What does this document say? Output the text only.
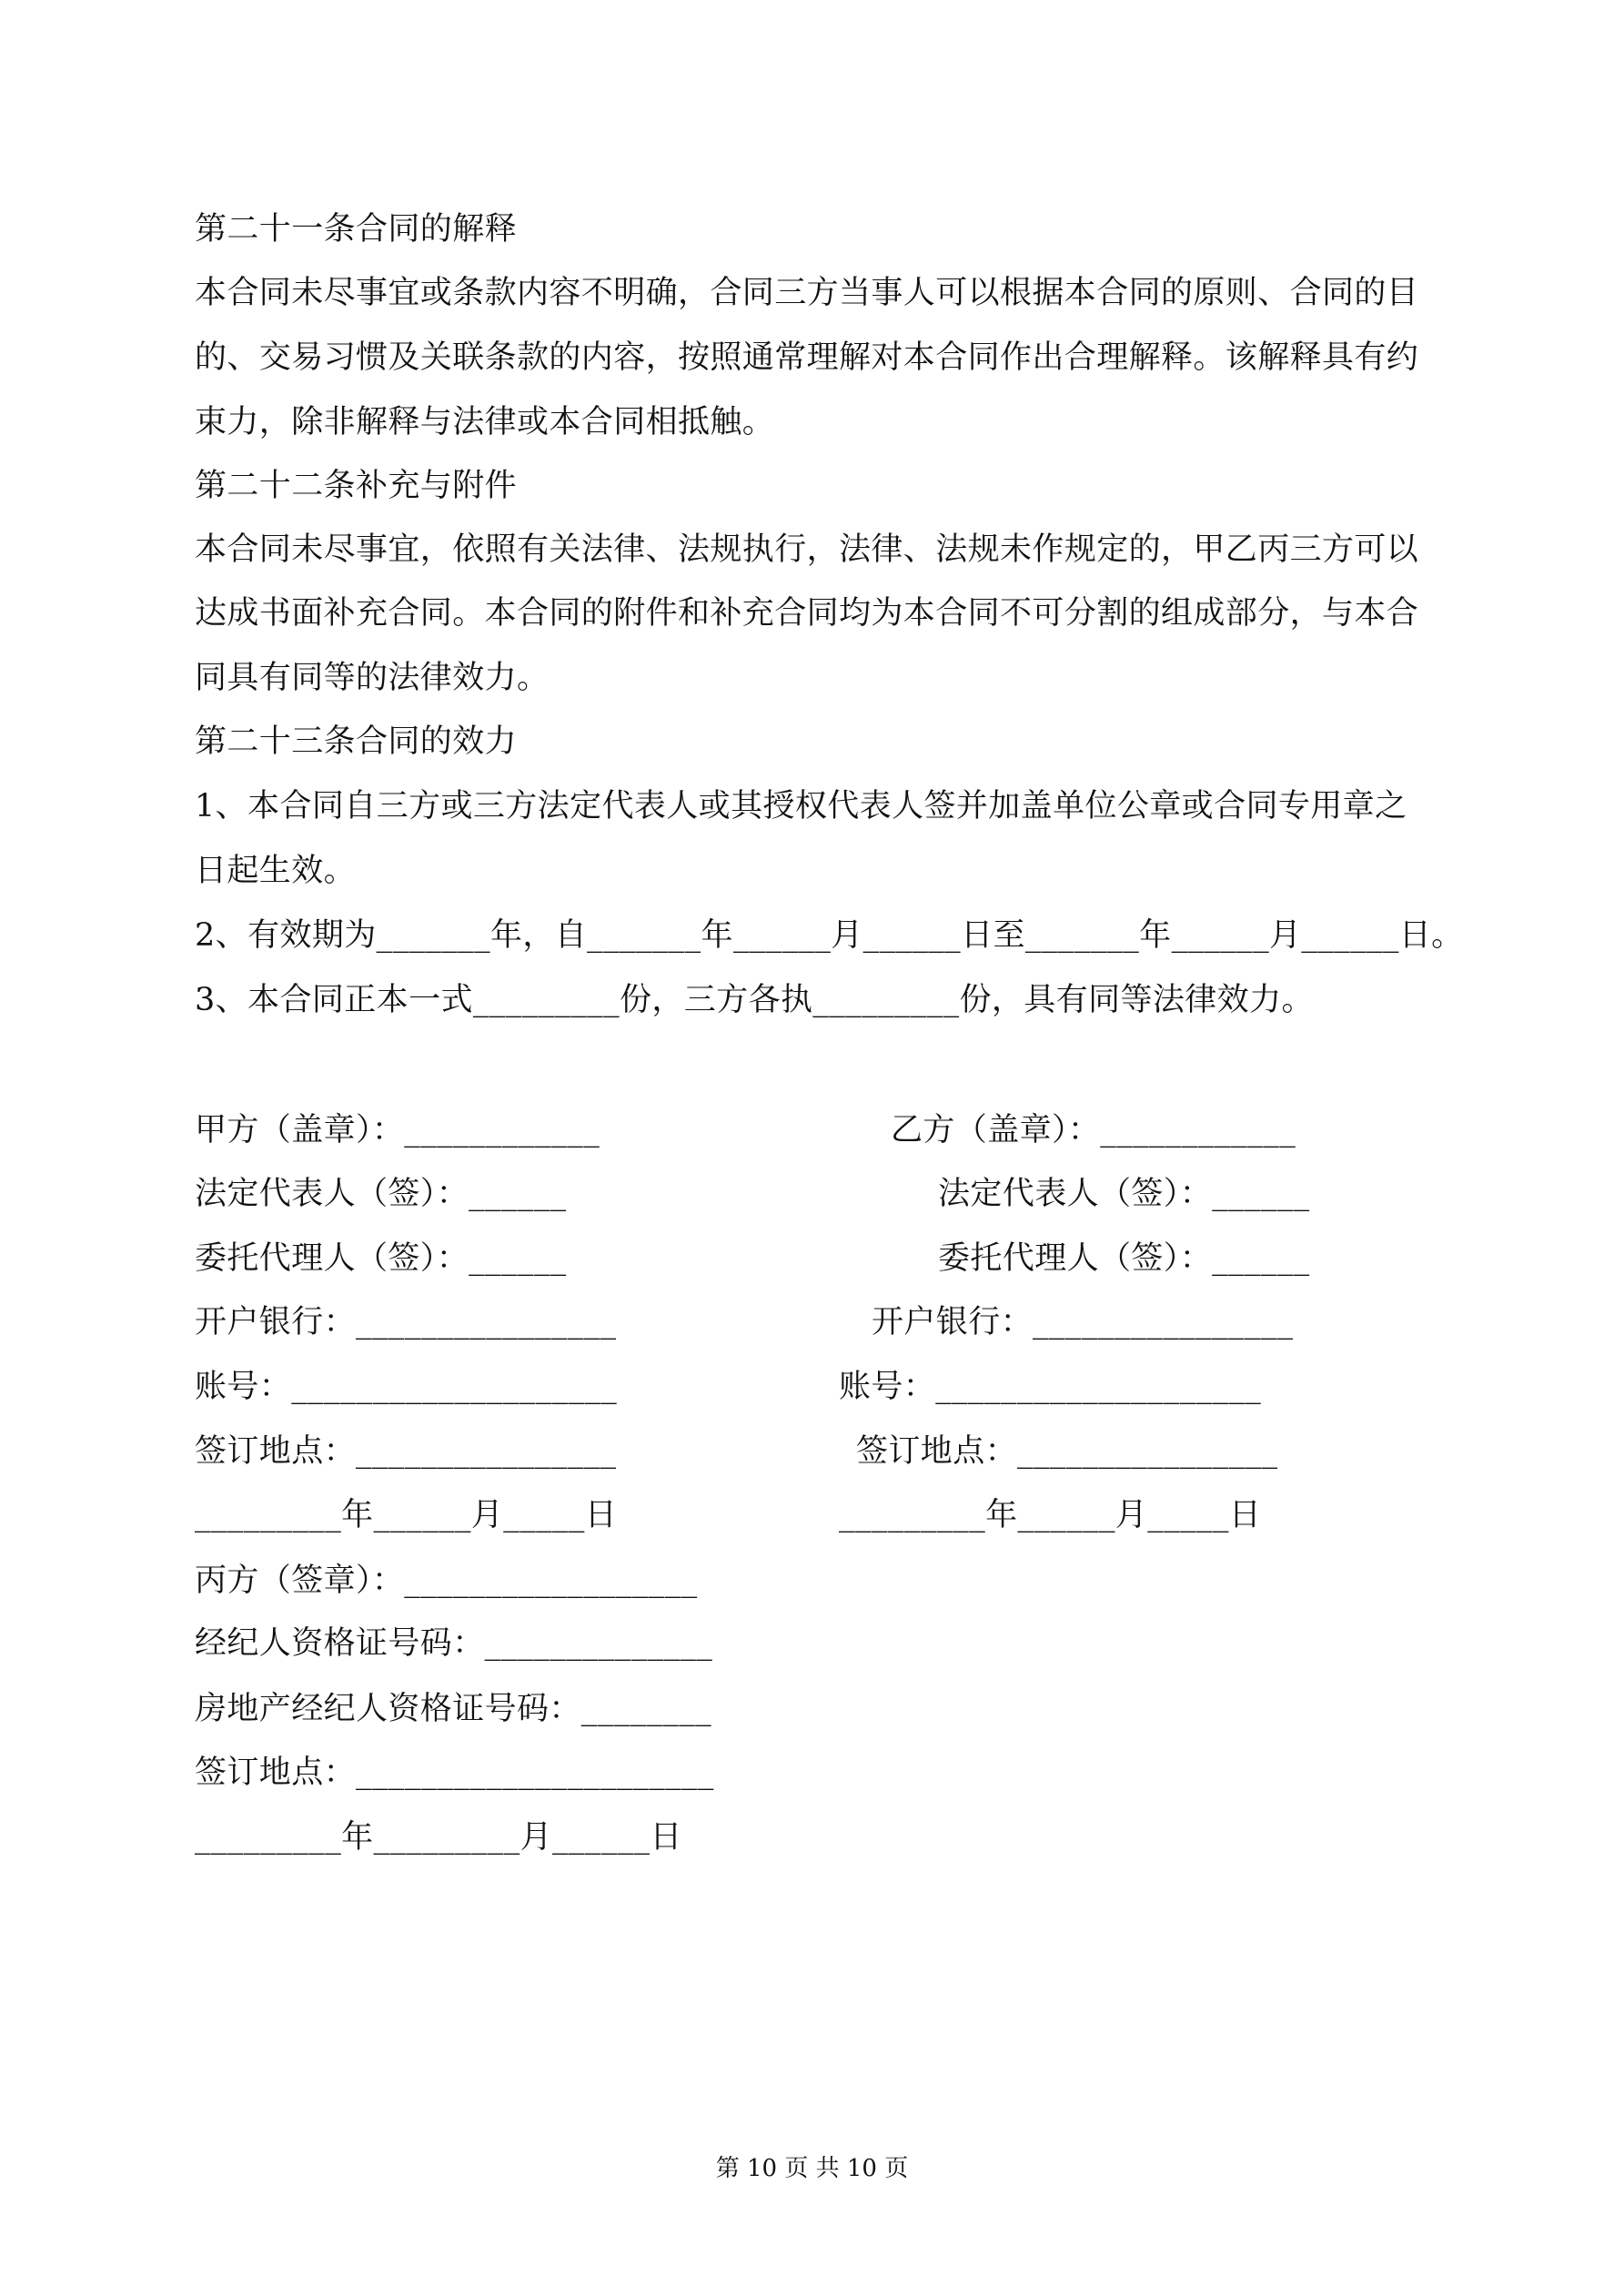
第二十一条合同的解释
本合同未尽事宜或条款内容不明确，合同三方当事人可以根据本合同的原则、合同的目
的、交易习惯及关联条款的内容，按照通常理解对本合同作出合理解释。该解释具有约
束力，除非解释与法律或本合同相抵触。
第二十二条补充与附件
本合同未尽事宜，依照有关法律、法规执行，法律、法规未作规定的，甲乙丙三方可以
达成书面补充合同。本合同的附件和补充合同均为本合同不可分割的组成部分，与本合
同具有同等的法律效力。
第二十三条合同的效力
1、本合同自三方或三方法定代表人或其授权代表人签并加盖单位公章或合同专用章之
日起生效。
2、有效期为_______年，自_______年______月______日至_______年______月______日。
3、本合同正本一式_________份，三方各执_________份，具有同等法律效力。
甲方（盖章）：____________
法定代表人（签）：______
委托代理人（签）：______
开户银行：________________
账号：____________________
签订地点：________________
_________年______月_____日
乙方（盖章）：____________
法定代表人（签）：______
委托代理人（签）：______
开户银行：________________
账号：____________________
签订地点：________________
_________年______月_____日
丙方（签章）：__________________
经纪人资格证号码：______________
房地产经纪人资格证号码：________
签订地点：______________________
_________年_________月______日
第 10 页 共 10 页
